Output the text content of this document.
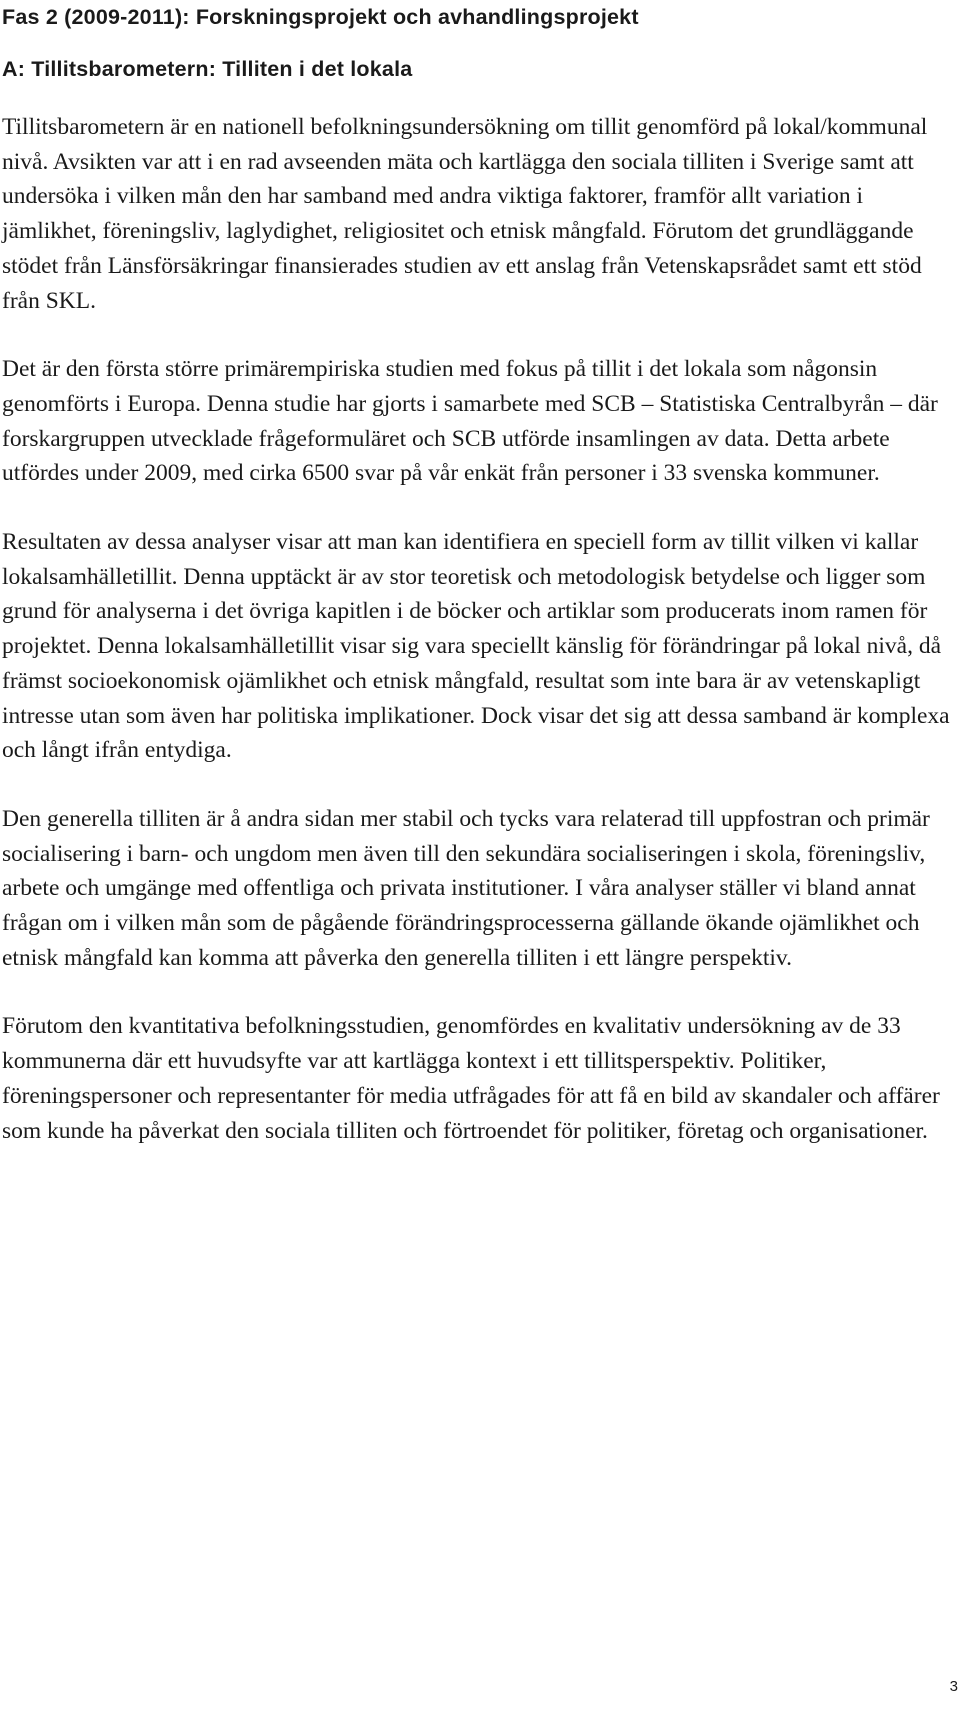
Fas 2 (2009-2011): Forskningsprojekt och avhandlingsprojekt
A: Tillitsbarometern: Tilliten i det lokala

Tillitsbarometern är en nationell befolkningsundersökning om tillit genomförd på lokal/kommunal nivå. Avsikten var att i en rad avseenden mäta och kartlägga den sociala tilliten i Sverige samt att undersöka i vilken mån den har samband med andra viktiga faktorer, framför allt variation i jämlikhet, föreningsliv, laglydighet, religiositet och etnisk mångfald. Förutom det grundläggande stödet från Länsförsäkringar finansierades studien av ett anslag från Vetenskapsrådet samt ett stöd från SKL.

Det är den första större primärempiriska studien med fokus på tillit i det lokala som någonsin genomförts i Europa. Denna studie har gjorts i samarbete med SCB – Statistiska Centralbyrån – där forskargruppen utvecklade frågeformuläret och SCB utförde insamlingen av data. Detta arbete utfördes under 2009, med cirka 6500 svar på vår enkät från personer i 33 svenska kommuner.

Resultaten av dessa analyser visar att man kan identifiera en speciell form av tillit vilken vi kallar lokalsamhälletillit. Denna upptäckt är av stor teoretisk och metodologisk betydelse och ligger som grund för analyserna i det övriga kapitlen i de böcker och artiklar som producerats inom ramen för projektet. Denna lokalsamhälletillit visar sig vara speciellt känslig för förändringar på lokal nivå, då främst socioekonomisk ojämlikhet och etnisk mångfald, resultat som inte bara är av vetenskapligt intresse utan som även har politiska implikationer. Dock visar det sig att dessa samband är komplexa och långt ifrån entydiga.

Den generella tilliten är å andra sidan mer stabil och tycks vara relaterad till uppfostran och primär socialisering i barn- och ungdom men även till den sekundära socialiseringen i skola, föreningsliv, arbete och umgänge med offentliga och privata institutioner. I våra analyser ställer vi bland annat frågan om i vilken mån som de pågående förändringsprocesserna gällande ökande ojämlikhet och etnisk mångfald kan komma att påverka den generella tilliten i ett längre perspektiv.

Förutom den kvantitativa befolkningsstudien, genomfördes en kvalitativ undersökning av de 33 kommunerna där ett huvudsyfte var att kartlägga kontext i ett tillitsperspektiv. Politiker, föreningspersoner och representanter för media utfrågades för att få en bild av skandaler och affärer som kunde ha påverkat den sociala tilliten och förtroendet för politiker, företag och organisationer.

3
